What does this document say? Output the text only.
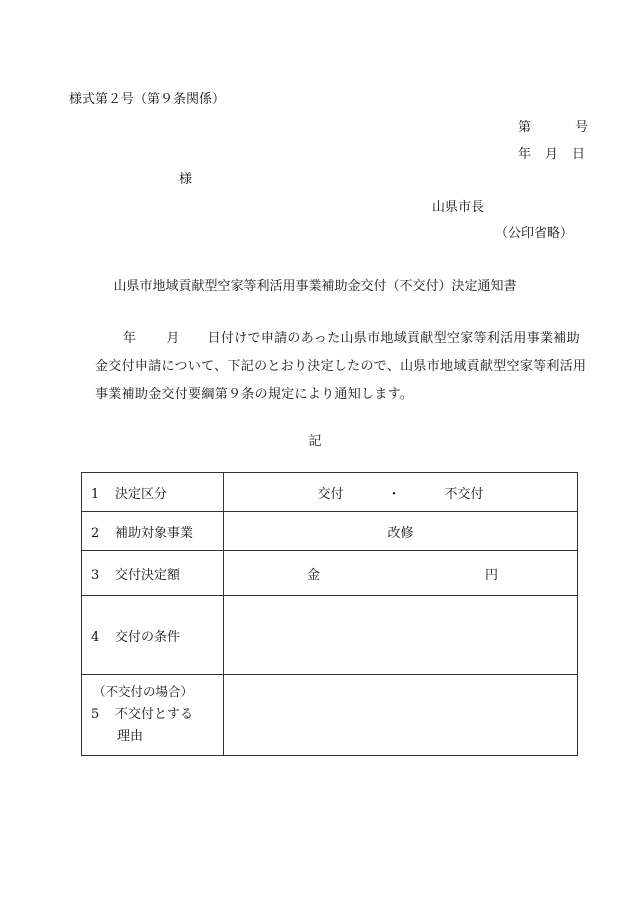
様式第２号（第９条関係）
第	号
年 月 日
様
山県市長
（公印省略）
山県市地域貢献型空家等利活用事業補助金交付（不交付）決定通知書
年 月 日付けで申請のあった山県市地域貢献型空家等利活用事業補助金交付申請について、下記のとおり決定したので、山県市地域貢献型空家等利活用事業補助金交付要綱第９条の規定により通知します。
記
1 決定区分	交付 ・ 不交付
2 補助対象事業	改修
3 交付決定額	金 円
4 交付の条件	

（不交付の場合）
5 不交付とする
理由	
